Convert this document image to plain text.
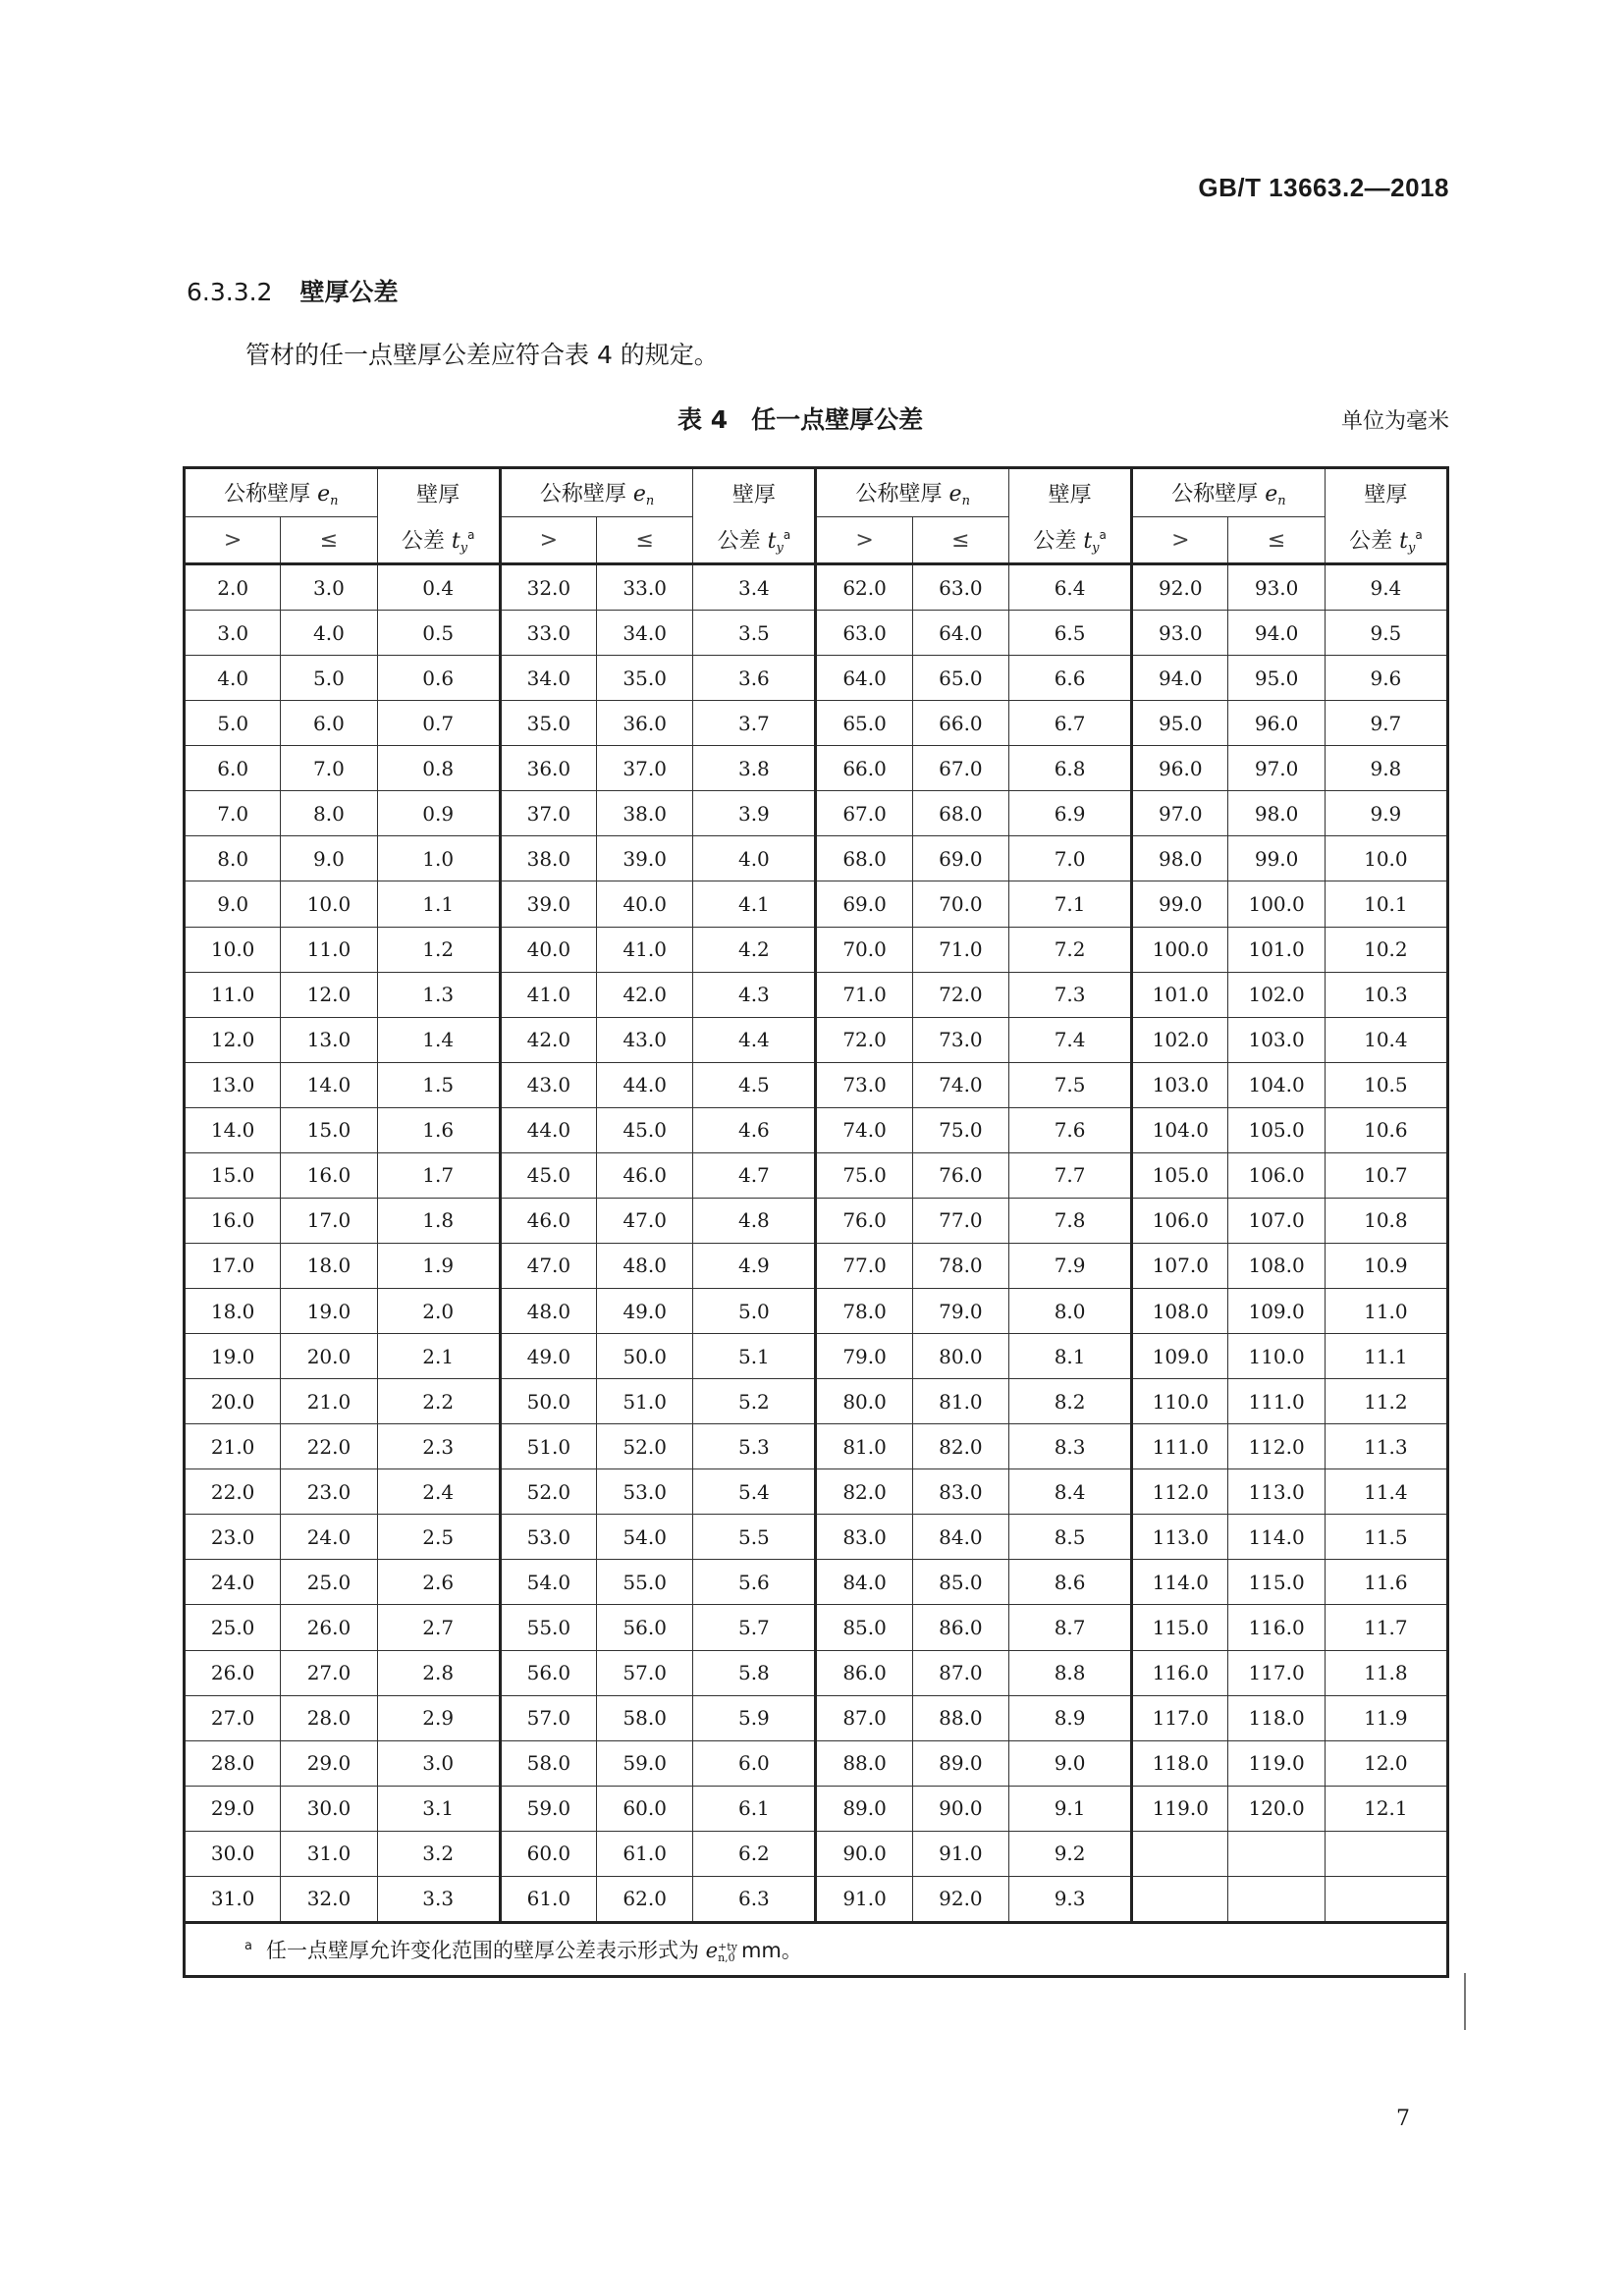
GB/T 13663.2—2018
6.3.3.2 壁厚公差
管材的任一点壁厚公差应符合表 4 的规定。
表 4 任一点壁厚公差	单位为毫米
公称壁厚 $e_n$		壁厚	公称壁厚 $e_n$		壁厚	公称壁厚 $e_n$		壁厚	公称壁厚 $e_n$		壁厚
>	≤	公差 $t_y^a$	>	≤	公差 $t_y^a$	>	≤	公差 $t_y^a$	>	≤	公差 $t_y^a$
2.0	3.0	0.4	32.0	33.0	3.4	62.0	63.0	6.4	92.0	93.0	9.4
3.0	4.0	0.5	33.0	34.0	3.5	63.0	64.0	6.5	93.0	94.0	9.5
4.0	5.0	0.6	34.0	35.0	3.6	64.0	65.0	6.6	94.0	95.0	9.6
5.0	6.0	0.7	35.0	36.0	3.7	65.0	66.0	6.7	95.0	96.0	9.7
6.0	7.0	0.8	36.0	37.0	3.8	66.0	67.0	6.8	96.0	97.0	9.8
7.0	8.0	0.9	37.0	38.0	3.9	67.0	68.0	6.9	97.0	98.0	9.9
8.0	9.0	1.0	38.0	39.0	4.0	68.0	69.0	7.0	98.0	99.0	10.0
9.0	10.0	1.1	39.0	40.0	4.1	69.0	70.0	7.1	99.0	100.0	10.1
10.0	11.0	1.2	40.0	41.0	4.2	70.0	71.0	7.2	100.0	101.0	10.2
11.0	12.0	1.3	41.0	42.0	4.3	71.0	72.0	7.3	101.0	102.0	10.3
12.0	13.0	1.4	42.0	43.0	4.4	72.0	73.0	7.4	102.0	103.0	10.4
13.0	14.0	1.5	43.0	44.0	4.5	73.0	74.0	7.5	103.0	104.0	10.5
14.0	15.0	1.6	44.0	45.0	4.6	74.0	75.0	7.6	104.0	105.0	10.6
15.0	16.0	1.7	45.0	46.0	4.7	75.0	76.0	7.7	105.0	106.0	10.7
16.0	17.0	1.8	46.0	47.0	4.8	76.0	77.0	7.8	106.0	107.0	10.8
17.0	18.0	1.9	47.0	48.0	4.9	77.0	78.0	7.9	107.0	108.0	10.9
18.0	19.0	2.0	48.0	49.0	5.0	78.0	79.0	8.0	108.0	109.0	11.0
19.0	20.0	2.1	49.0	50.0	5.1	79.0	80.0	8.1	109.0	110.0	11.1
20.0	21.0	2.2	50.0	51.0	5.2	80.0	81.0	8.2	110.0	111.0	11.2
21.0	22.0	2.3	51.0	52.0	5.3	81.0	82.0	8.3	111.0	112.0	11.3
22.0	23.0	2.4	52.0	53.0	5.4	82.0	83.0	8.4	112.0	113.0	11.4
23.0	24.0	2.5	53.0	54.0	5.5	83.0	84.0	8.5	113.0	114.0	11.5
24.0	25.0	2.6	54.0	55.0	5.6	84.0	85.0	8.6	114.0	115.0	11.6
25.0	26.0	2.7	55.0	56.0	5.7	85.0	86.0	8.7	115.0	116.0	11.7
26.0	27.0	2.8	56.0	57.0	5.8	86.0	87.0	8.8	116.0	117.0	11.8
27.0	28.0	2.9	57.0	58.0	5.9	87.0	88.0	8.9	117.0	118.0	11.9
28.0	29.0	3.0	58.0	59.0	6.0	88.0	89.0	9.0	118.0	119.0	12.0
29.0	30.0	3.1	59.0	60.0	6.1	89.0	90.0	9.1	119.0	120.0	12.1
30.0	31.0	3.2	60.0	61.0	6.2	90.0	91.0	9.2			
31.0	32.0	3.3	61.0	62.0	6.3	91.0	92.0	9.3			
$^a$ 任一点壁厚允许变化范围的壁厚公差表示形式为 e+ty
n,0 mm。											
7
